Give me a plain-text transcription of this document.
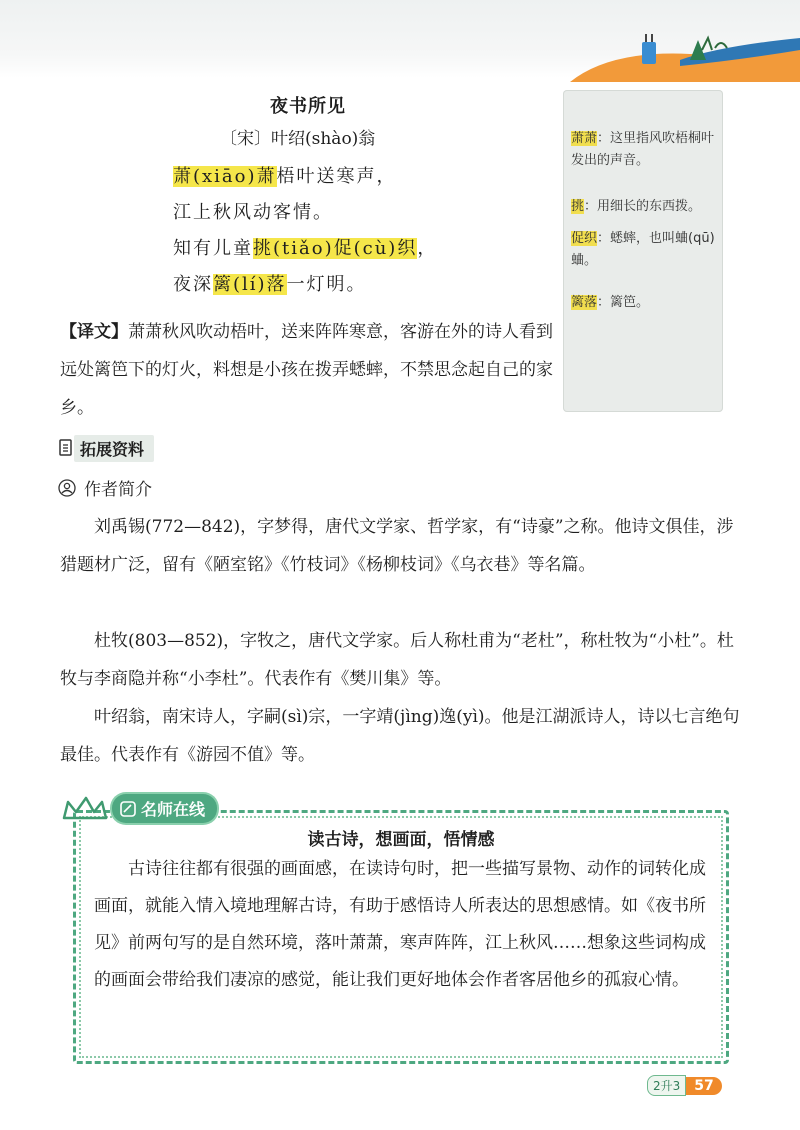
夜书所见
〔宋〕叶绍(shào)翁
萧(xiāo)萧梧叶送寒声，
江上秋风动客情。
知有儿童挑(tiǎo)促(cù)织，
夜深篱(lí)落一灯明。

【译文】萧萧秋风吹动梧叶，送来阵阵寒意，客游在外的诗人看到远处篱笆下的灯火，料想是小孩在拨弄蟋蟀，不禁思念起自己的家乡。

萧萧：这里指风吹梧桐叶发出的声音。
挑：用细长的东西拨。
促织：蟋蟀，也叫蛐(qū)蛐。
篱落：篱笆。
拓展资料
作者简介

刘禹锡(772—842)，字梦得，唐代文学家、哲学家，有“诗豪”之称。他诗文俱佳，涉猎题材广泛，留有《陋室铭》《竹枝词》《杨柳枝词》《乌衣巷》等名篇。

杜牧(803—852)，字牧之，唐代文学家。后人称杜甫为“老杜”，称杜牧为“小杜”。杜牧与李商隐并称“小李杜”。代表作有《樊川集》等。

叶绍翁，南宋诗人，字嗣(sì)宗，一字靖(jìng)逸(yì)。他是江湖派诗人，诗以七言绝句最佳。代表作有《游园不值》等。

读古诗，想画面，悟情感

古诗往往都有很强的画面感，在读诗句时，把一些描写景物、动作的词转化成画面，就能入情入境地理解古诗，有助于感悟诗人所表达的思想感情。如《夜书所见》前两句写的是自然环境，落叶萧萧，寒声阵阵，江上秋风……想象这些词构成的画面会带给我们凄凉的感觉，能让我们更好地体会作者客居他乡的孤寂心情。

名师在线
2升3	57
